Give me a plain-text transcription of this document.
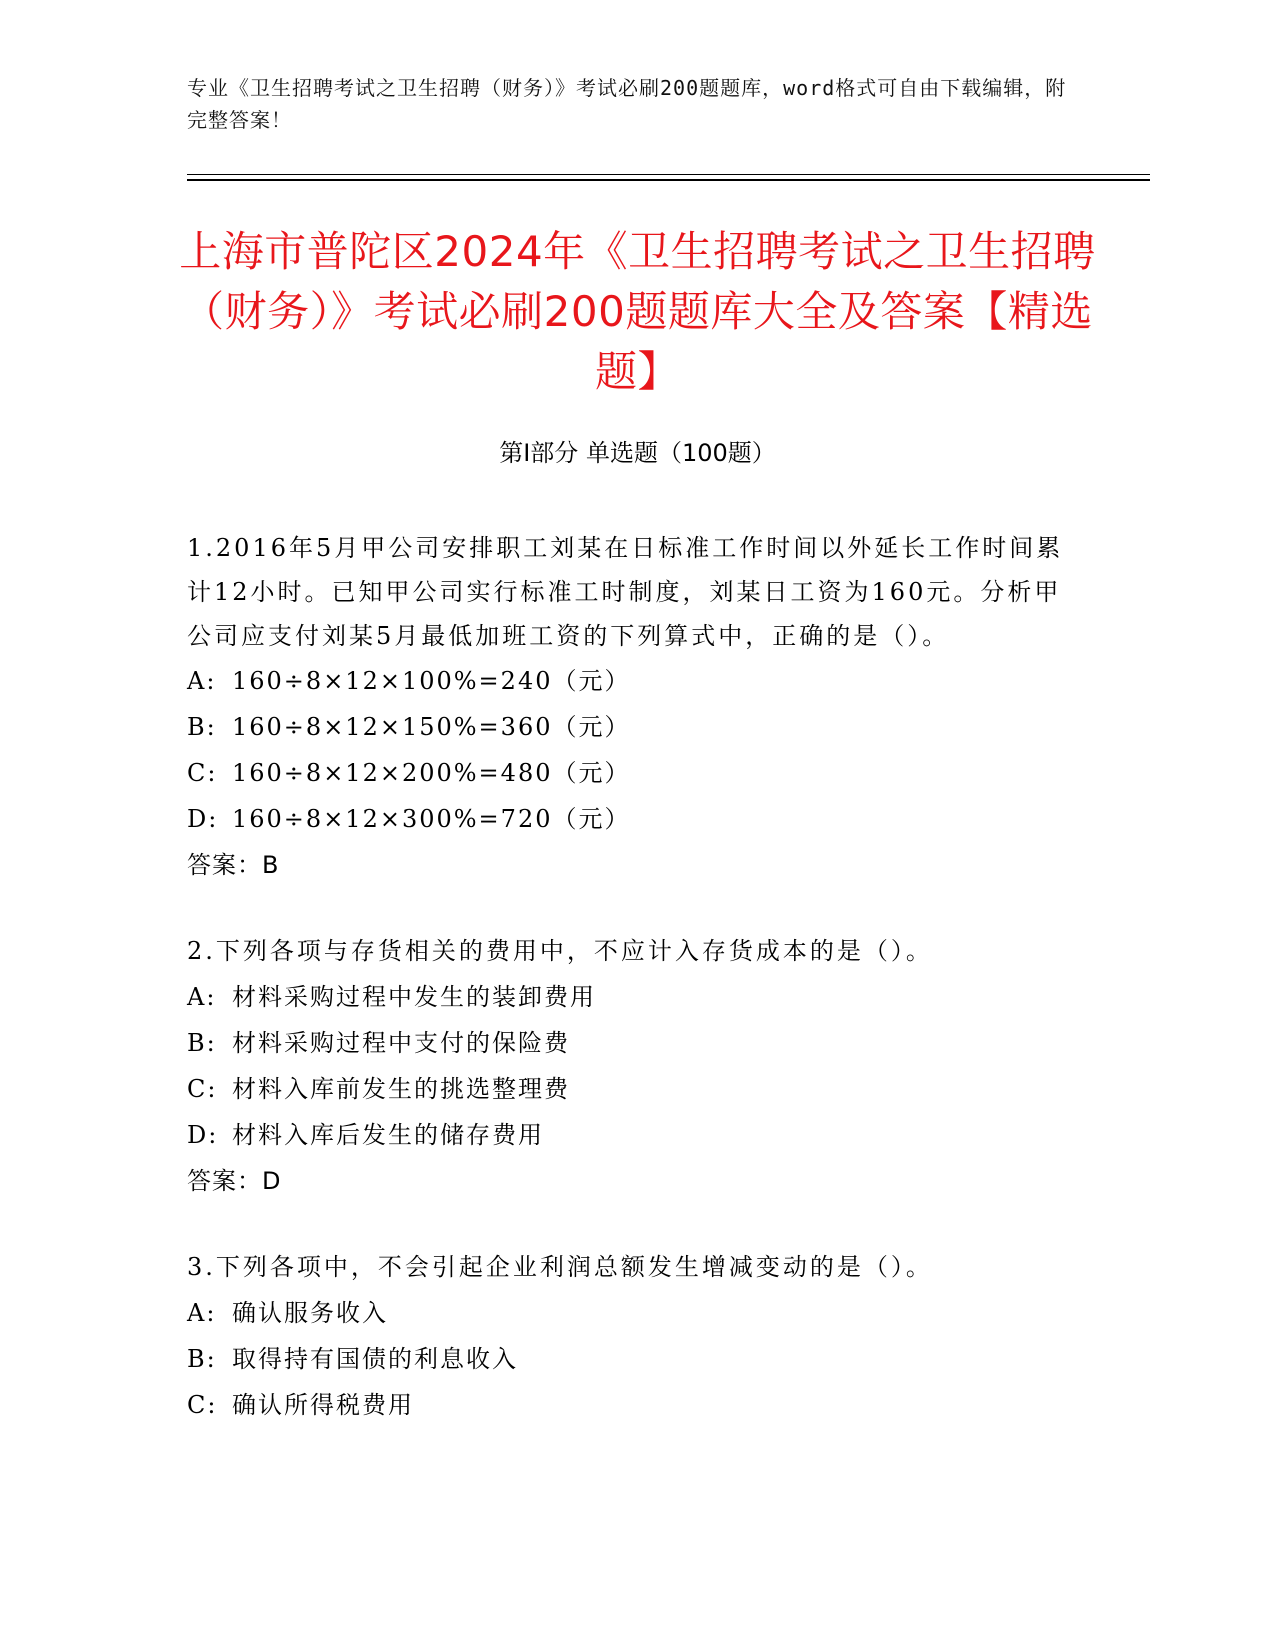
专业《卫生招聘考试之卫生招聘（财务）》考试必刷200题题库，word格式可自由下载编辑，附完整答案！
上海市普陀区2024年《卫生招聘考试之卫生招聘（财务）》考试必刷200题题库大全及答案【精选题】
第I部分 单选题（100题）

1.2016年5月甲公司安排职工刘某在日标准工作时间以外延长工作时间累计12小时。已知甲公司实行标准工时制度，刘某日工资为160元。分析甲公司应支付刘某5月最低加班工资的下列算式中，正确的是（）。

A: 160÷8×12×100%=240（元）
B: 160÷8×12×150%=360（元）
C: 160÷8×12×200%=480（元）
D: 160÷8×12×300%=720（元）
答案：B

2.下列各项与存货相关的费用中，不应计入存货成本的是（）。

A: 材料采购过程中发生的装卸费用
B: 材料采购过程中支付的保险费
C: 材料入库前发生的挑选整理费
D: 材料入库后发生的储存费用
答案：D

3.下列各项中，不会引起企业利润总额发生增减变动的是（）。

A: 确认服务收入
B: 取得持有国债的利息收入
C: 确认所得税费用
